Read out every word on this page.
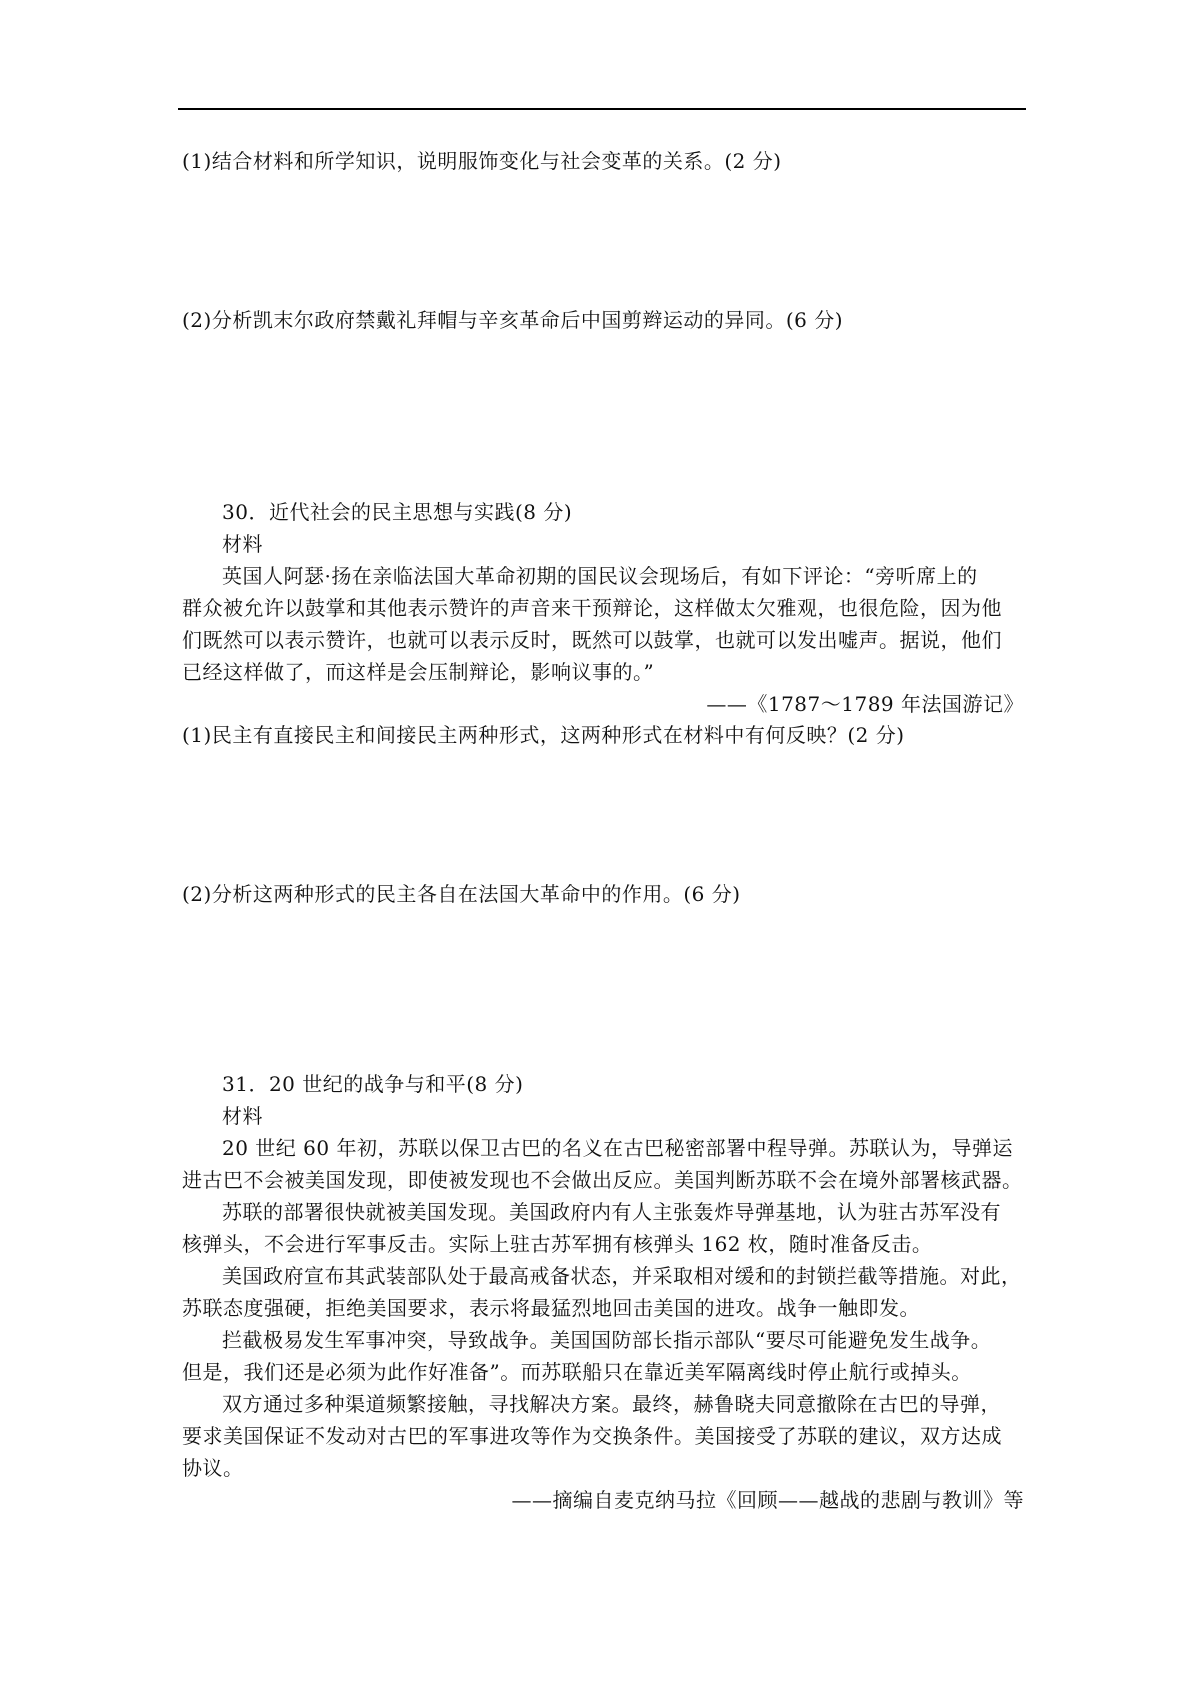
(1)结合材料和所学知识，说明服饰变化与社会变革的关系。(2 分)
(2)分析凯末尔政府禁戴礼拜帽与辛亥革命后中国剪辫运动的异同。(6 分)
30．近代社会的民主思想与实践(8 分)
材料
英国人阿瑟·扬在亲临法国大革命初期的国民议会现场后，有如下评论：“旁听席上的
群众被允许以鼓掌和其他表示赞许的声音来干预辩论，这样做太欠雅观，也很危险，因为他
们既然可以表示赞许，也就可以表示反时，既然可以鼓掌，也就可以发出嘘声。据说，他们
已经这样做了，而这样是会压制辩论，影响议事的。”
——《1787～1789 年法国游记》
(1)民主有直接民主和间接民主两种形式，这两种形式在材料中有何反映？(2 分)
(2)分析这两种形式的民主各自在法国大革命中的作用。(6 分)
31．20 世纪的战争与和平(8 分)
材料
20 世纪 60 年初，苏联以保卫古巴的名义在古巴秘密部署中程导弹。苏联认为，导弹运
进古巴不会被美国发现，即使被发现也不会做出反应。美国判断苏联不会在境外部署核武器。
苏联的部署很快就被美国发现。美国政府内有人主张轰炸导弹基地，认为驻古苏军没有
核弹头，不会进行军事反击。实际上驻古苏军拥有核弹头 162 枚，随时准备反击。
美国政府宣布其武装部队处于最高戒备状态，并采取相对缓和的封锁拦截等措施。对此，
苏联态度强硬，拒绝美国要求，表示将最猛烈地回击美国的进攻。战争一触即发。
拦截极易发生军事冲突，导致战争。美国国防部长指示部队“要尽可能避免发生战争。
但是，我们还是必须为此作好准备”。而苏联船只在靠近美军隔离线时停止航行或掉头。
双方通过多种渠道频繁接触，寻找解决方案。最终，赫鲁晓夫同意撤除在古巴的导弹，
要求美国保证不发动对古巴的军事进攻等作为交换条件。美国接受了苏联的建议，双方达成
协议。
——摘编自麦克纳马拉《回顾——越战的悲剧与教训》等
